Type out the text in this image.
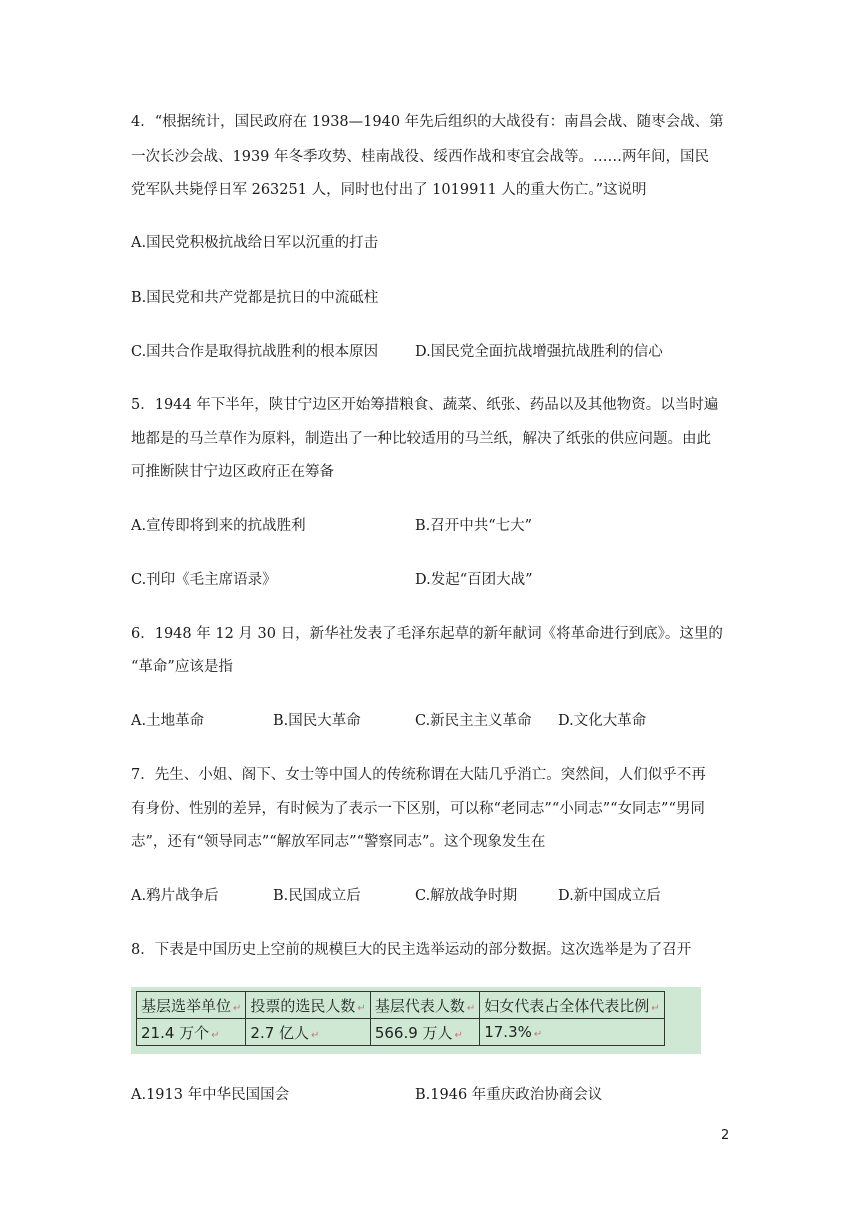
4．“根据统计，国民政府在 1938—1940 年先后组织的大战役有：南昌会战、随枣会战、第
一次长沙会战、1939 年冬季攻势、桂南战役、绥西作战和枣宜会战等。……两年间，国民
党军队共毙俘日军 263251 人，同时也付出了 1019911 人的重大伤亡。”这说明
A.国民党积极抗战给日军以沉重的打击
B.国民党和共产党都是抗日的中流砥柱
C.国共合作是取得抗战胜利的根本原因	D.国民党全面抗战增强抗战胜利的信心
5．1944 年下半年，陕甘宁边区开始筹措粮食、蔬菜、纸张、药品以及其他物资。以当时遍
地都是的马兰草作为原料，制造出了一种比较适用的马兰纸，解决了纸张的供应问题。由此
可推断陕甘宁边区政府正在筹备
A.宣传即将到来的抗战胜利	B.召开中共“七大”
C.刊印《毛主席语录》	D.发起“百团大战”
6．1948 年 12 月 30 日，新华社发表了毛泽东起草的新年献词《将革命进行到底》。这里的
“革命”应该是指
A.土地革命	B.国民大革命	C.新民主主义革命 D.文化大革命
7．先生、小姐、阁下、女士等中国人的传统称谓在大陆几乎消亡。突然间，人们似乎不再
有身份、性别的差异，有时候为了表示一下区别，可以称“老同志”“小同志”“女同志”“男同
志”，还有“领导同志”“解放军同志”“警察同志”。这个现象发生在
A.鸦片战争后	B.民国成立后	C.解放战争时期	D.新中国成立后
8．下表是中国历史上空前的规模巨大的民主选举运动的部分数据。这次选举是为了召开
基层选举单位 ↵	投票的选民人数 ↵	基层代表人数 ↵	妇女代表占全体代表比例 ↵
21.4 万个 ↵	2.7 亿人 ↵	566.9 万人 ↵	17.3% ↵
A.1913 年中华民国国会	B.1946 年重庆政治协商会议
2
